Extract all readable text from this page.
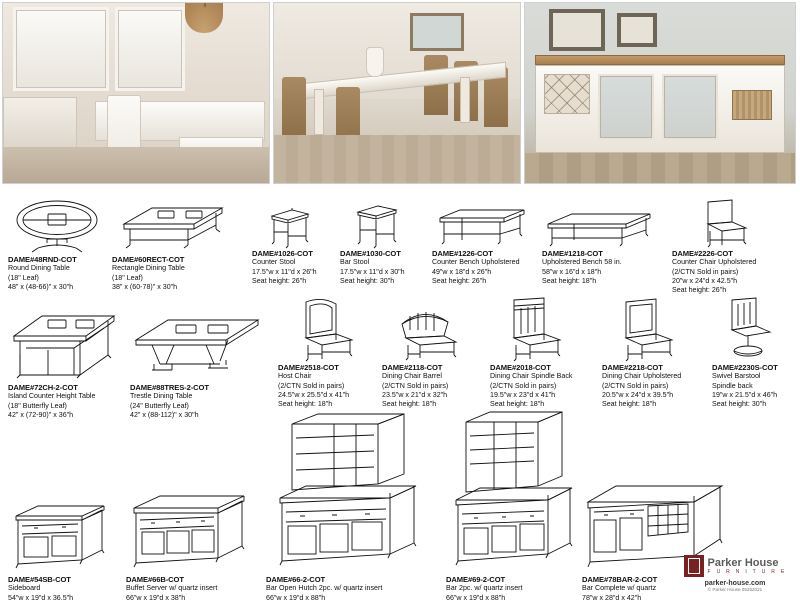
DAME#48RND-COT
Round Dining Table
(18" Leaf)
48" x (48-66)" x 30"h
DAME#60RECT-COT
Rectangle Dining Table
(18" Leaf)
38" x (60-78)" x 30"h
DAME#1026-COT
Counter Stool
17.5"w x 11"d x 26"h
Seat height: 26"h
DAME#1030-COT
Bar Stool
17.5"w x 11"d x 30"h
Seat height: 30"h
DAME#1226-COT
Counter Bench Upholstered
49"w x 18"d x 26"h
Seat height: 26"h
DAME#1218-COT
Upholstered Bench 58 in.
58"w x 16"d x 18"h
Seat height: 18"h
DAME#2226-COT
Counter Chair Upholstered
(2/CTN Sold in pairs)
20"w x 24"d x 42.5"h
Seat height: 26"h
DAME#72CH-2-COT
Island Counter Height Table
(18" Butterfly Leaf)
42" x (72-90)" x 36"h
DAME#88TRES-2-COT
Trestle Dining Table
(24" Butterfly Leaf)
42" x (88-112)" x 30"h
DAME#2518-COT
Host Chair
(2/CTN Sold in pairs)
24.5"w x 25.5"d x 41"h
Seat height: 18"h
DAME#2118-COT
Dining Chair Barrel
(2/CTN Sold in pairs)
23.5"w x 21"d x 32"h
Seat height: 18"h
DAME#2018-COT
Dining Chair Spindle Back
(2/CTN Sold in pairs)
19.5"w x 23"d x 41"h
Seat height: 18"h
DAME#2218-COT
Dining Chair Upholstered
(2/CTN Sold in pairs)
20.5"w x 24"d x 39.5"h
Seat height: 18"h
DAME#2230S-COT
Swivel Barstool
Spindle back
19"w x 21.5"d x 46"h
Seat height: 30"h
DAME#54SB-COT
Sideboard
54"w x 19"d x 36.5"h
DAME#66B-COT
Buffet Server w/ quartz insert
66"w x 19"d x 38"h
DAME#66-2-COT
Bar Open Hutch 2pc. w/ quartz insert
66"w x 19"d x 88"h
DAME#69-2-COT
Bar 2pc. w/ quartz insert
66"w x 19"d x 88"h
DAME#78BAR-2-COT
Bar Complete w/ quartz
78"w x 28"d x 42"h
Parker House
F U R N I T U R E
parker-house.com
© Parker House 05252021
